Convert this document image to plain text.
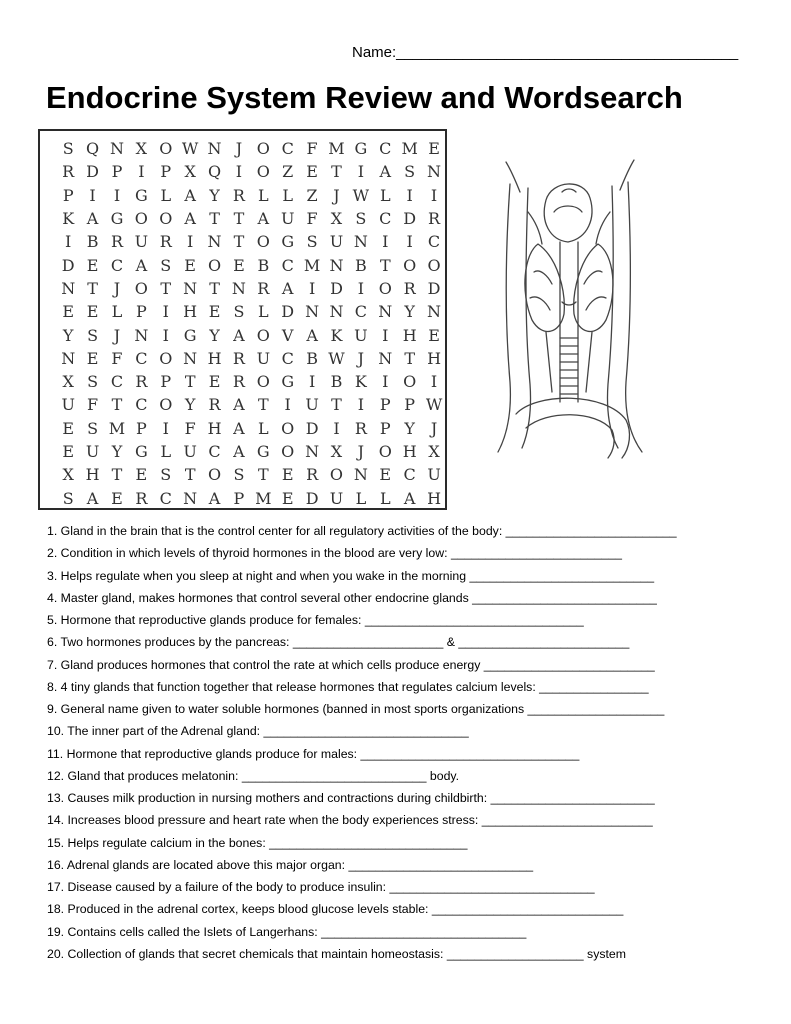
Name:_________________________________________
Endocrine System Review and Wordsearch
S Q N X O W N J O C F M G C M E
R D P I P X Q I O Z E T I A S N
P I	I G L A Y R L L Z J W L I	I
K A G O O A T T A U F X S C D R
I B R U R I N T O G S U N I	I C
D E C A S E O E B C M N B T O O
N T J O T N T N R A I D I O R D
E E L P I H E S L D N N C N Y N
Y S J N I G Y A O V A K U I H E
N E F C O N H R U C B W J N T H
X S C R P T E R O G I B K I O I
U F T C O Y R A T I U T I P P W
E S M P I F H A L O D I R P Y J
E U Y G L U C A G O N X J O H X
X H T E S T O S T E R O N E C U
S A E R C N A P M E D U L L A H
1. Gland in the brain that is the control center for all regulatory activities of the body: _________________________
2. Condition in which levels of thyroid hormones in the blood are very low: _________________________
3. Helps regulate when you sleep at night and when you wake in the morning ___________________________
4. Master gland, makes hormones that control several other endocrine glands ___________________________
5. Hormone that reproductive glands produce for females: ________________________________
6. Two hormones produces by the pancreas: ______________________ & _________________________
7. Gland produces hormones that control the rate at which cells produce energy _________________________
8. 4 tiny glands that function together that release hormones that regulates calcium levels: ________________
9. General name given to water soluble hormones (banned in most sports organizations ____________________
10. The inner part of the Adrenal gland: ______________________________
11. Hormone that reproductive glands produce for males: ________________________________
12. Gland that produces melatonin: ___________________________ body.
13. Causes milk production in nursing mothers and contractions during childbirth: ________________________
14. Increases blood pressure and heart rate when the body experiences stress: _________________________
15. Helps regulate calcium in the bones: _____________________________
16. Adrenal glands are located above this major organ: ___________________________
17. Disease caused by a failure of the body to produce insulin: ______________________________
18. Produced in the adrenal cortex, keeps blood glucose levels stable: ____________________________
19. Contains cells called the Islets of Langerhans: ______________________________
20. Collection of glands that secret chemicals that maintain homeostasis: ____________________ system
